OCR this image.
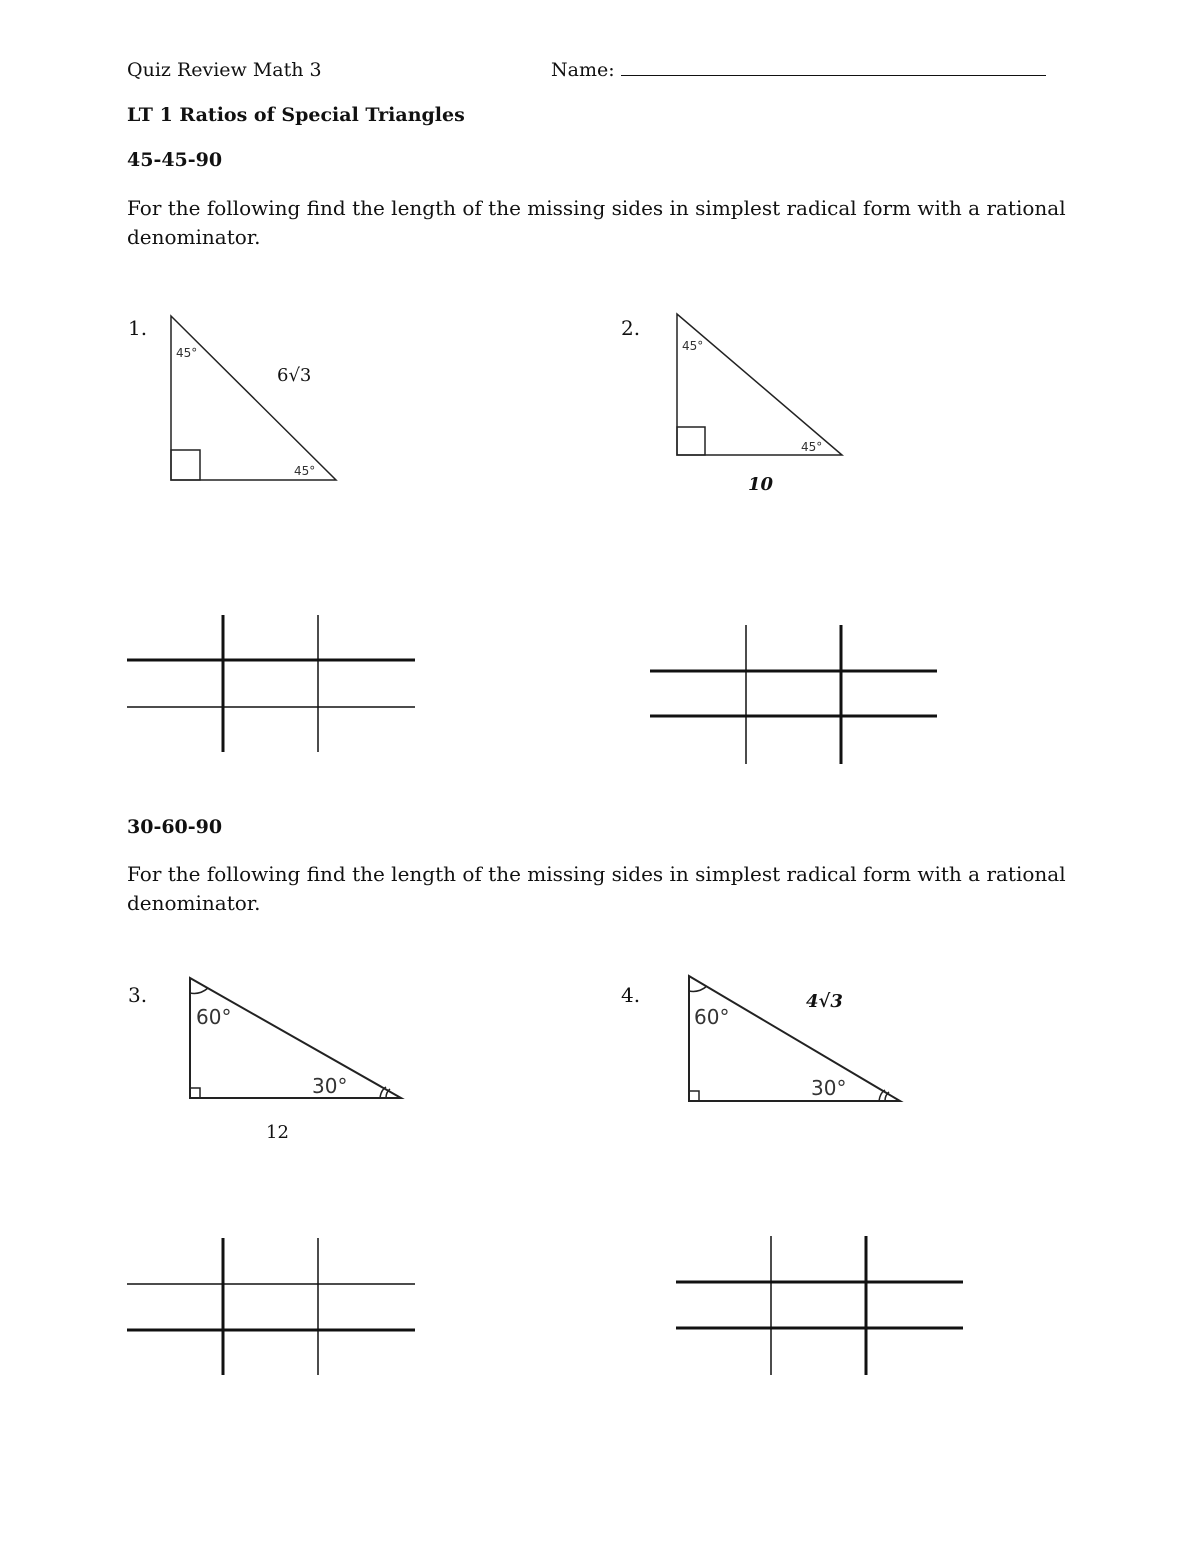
Quiz Review Math 3	Name:
LT 1 Ratios of Special Triangles
45-45-90
For the following find the length of the missing sides in simplest radical form with a rational denominator.
1.
45°
45°
6√3
2.
45°
45°
10
30-60-90
For the following find the length of the missing sides in simplest radical form with a rational denominator.
3.
60°
30°
12
4.
60°
30°
4√3
